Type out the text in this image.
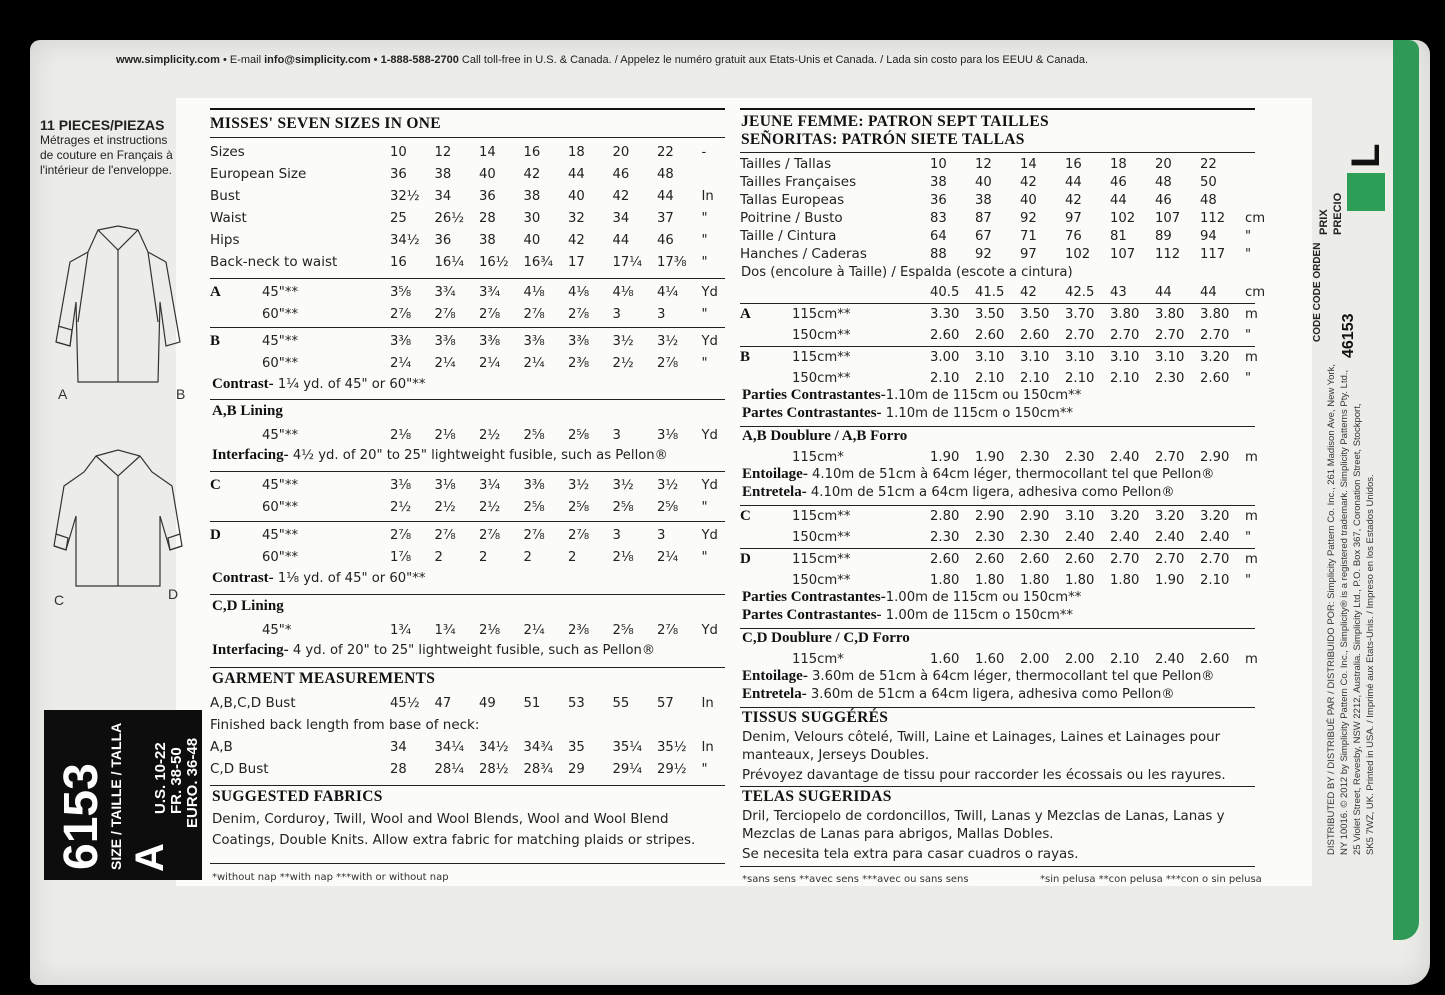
www.simplicity.com • E-mail info@simplicity.com • 1-888-588-2700 Call toll-free in U.S. & Canada. / Appelez le numéro gratuit aux Etats-Unis et Canada. / Lada sin costo para los EEUU & Canada.
11 PIECES/PIEZAS
Métrages et instructions
de couture en Français à
l'intérieur de l'enveloppe.
A	B
C	D
6153 SIZE / TAILLE / TALLA A
U.S. 10-22 FR. 38-50 EURO. 36-48
MISSES' SEVEN SIZES IN ONE
Sizes	10	12	14	16	18	20	22	-
European Size	36	38	40	42	44	46	48	
Bust	32½	34	36	38	40	42	44	In
Waist	25	26½	28	30	32	34	37	"
Hips	34½	36	38	40	42	44	46	"
Back-neck to waist	16	16¼	16½	16¾	17	17¼	17⅜	"
A	45"**	3⅝	3¾	3¾	4⅛	4⅛	4⅛	4¼	Yd
	60"**	2⅞	2⅞	2⅞	2⅞	2⅞	3	3	"
B	45"**	3⅜	3⅜	3⅜	3⅜	3⅜	3½	3½	Yd
	60"**	2¼	2¼	2¼	2¼	2⅜	2½	2⅞	"
Contrast- 1¼ yd. of 45" or 60"**
A,B Lining
	45"**	2⅛	2⅛	2½	2⅝	2⅝	3	3⅛	Yd
Interfacing- 4½ yd. of 20" to 25" lightweight fusible, such as Pellon®
C	45"**	3⅛	3⅛	3¼	3⅜	3½	3½	3½	Yd
	60"**	2½	2½	2½	2⅝	2⅝	2⅝	2⅝	"
D	45"**	2⅞	2⅞	2⅞	2⅞	2⅞	3	3	Yd
	60"**	1⅞	2	2	2	2	2⅛	2¼	"
Contrast- 1⅛ yd. of 45" or 60"**
C,D Lining
	45"*	1¾	1¾	2⅛	2¼	2⅜	2⅝	2⅞	Yd
Interfacing- 4 yd. of 20" to 25" lightweight fusible, such as Pellon®
GARMENT MEASUREMENTS
A,B,C,D Bust	45½	47	49	51	53	55	57	In
Finished back length from base of neck:								
A,B	34	34¼	34½	34¾	35	35¼	35½	In
C,D Bust	28	28¼	28½	28¾	29	29¼	29½	"
SUGGESTED FABRICS
Denim, Corduroy, Twill, Wool and Wool Blends, Wool and Wool Blend Coatings, Double Knits. Allow extra fabric for matching plaids or stripes.
*without nap **with nap ***with or without nap
JEUNE FEMME: PATRON SEPT TAILLES
SEÑORITAS: PATRÓN SIETE TALLAS
Tailles / Tallas	10	12	14	16	18	20	22	
Tailles Françaises	38	40	42	44	46	48	50	
Tallas Europeas	36	38	40	42	44	46	48	
Poitrine / Busto	83	87	92	97	102	107	112	cm
Taille / Cintura	64	67	71	76	81	89	94	"
Hanches / Caderas	88	92	97	102	107	112	117	"
Dos (encolure à Taille) / Espalda (escote a cintura)
		40.5	41.5	42	42.5	43	44	44	cm
A	115cm**	3.30	3.50	3.50	3.70	3.80	3.80	3.80	m
	150cm**	2.60	2.60	2.60	2.70	2.70	2.70	2.70	"
B	115cm**	3.00	3.10	3.10	3.10	3.10	3.10	3.20	m
	150cm**	2.10	2.10	2.10	2.10	2.10	2.30	2.60	"
Parties Contrastantes-1.10m de 115cm ou 150cm**
Partes Contrastantes- 1.10m de 115cm o 150cm**
A,B Doublure / A,B Forro
	115cm*	1.90	1.90	2.30	2.30	2.40	2.70	2.90	m
Entoilage- 4.10m de 51cm à 64cm léger, thermocollant tel que Pellon®
Entretela- 4.10m de 51cm a 64cm ligera, adhesiva como Pellon®
C	115cm**	2.80	2.90	2.90	3.10	3.20	3.20	3.20	m
	150cm**	2.30	2.30	2.30	2.40	2.40	2.40	2.40	"
D	115cm**	2.60	2.60	2.60	2.60	2.70	2.70	2.70	m
	150cm**	1.80	1.80	1.80	1.80	1.80	1.90	2.10	"
Parties Contrastantes-1.00m de 115cm ou 150cm**
Partes Contrastantes- 1.00m de 115cm o 150cm**
C,D Doublure / C,D Forro
	115cm*	1.60	1.60	2.00	2.00	2.10	2.40	2.60	m
Entoilage- 3.60m de 51cm à 64cm léger, thermocollant tel que Pellon®
Entretela- 3.60m de 51cm a 64cm ligera, adhesiva como Pellon®
TISSUS SUGGÉRÉS
Denim, Velours côtelé, Twill, Laine et Lainages, Laines et Lainages pour manteaux, Jerseys Doubles.
Prévoyez davantage de tissu pour raccorder les écossais ou les rayures.
TELAS SUGERIDAS
Dril, Terciopelo de cordoncillos, Twill, Lanas y Mezclas de Lanas, Lanas y Mezclas de Lanas para abrigos, Mallas Dobles.
Se necesita tela extra para casar cuadros o rayas.
*sans sens **avec sens ***avec ou sans sens	*sin pelusa **con pelusa ***con o sin pelusa
PRIX PRECIO
L
CODE CODE ORDEN 46153
DISTRIBUTED BY / DISTRIBUÉ PAR / DISTRIBUIDO POR: Simplicity Pattern Co. Inc., 261 Madison Ave, New York, NY 10016. © 2012 by Simplicity Pattern Co. Inc., Simplicity® is a registered trademark. Simplicity Patterns Pty. Ltd., 25 Violet Street, Revesby, NSW 2212, Australia. Simplicity Ltd., P.O. Box 367, Coronation Street, Stockport, SK5 7WZ, UK. Printed in USA. / Imprimé aux Etats-Unis. / Impreso en los Estados Unidos.
